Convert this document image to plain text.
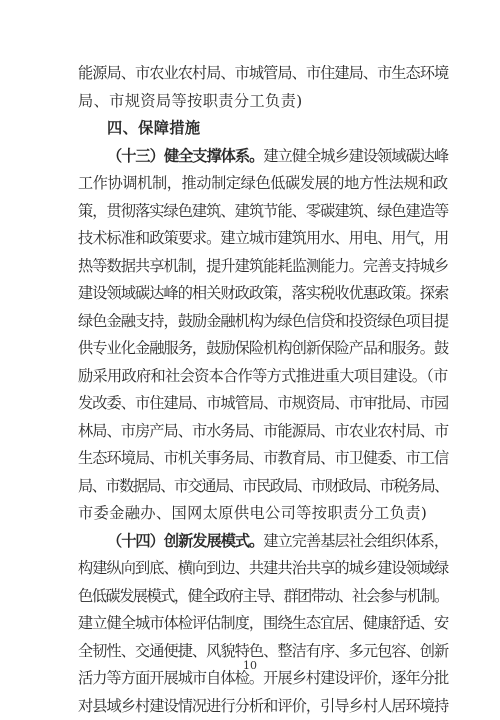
能源局、市农业农村局、市城管局、市住建局、市生态环境
局、市规资局等按职责分工负责)
四、保障措施
（十三）健全支撑体系。建立健全城乡建设领域碳达峰
工作协调机制，推动制定绿色低碳发展的地方性法规和政
策，贯彻落实绿色建筑、建筑节能、零碳建筑、绿色建造等
技术标准和政策要求。建立城市建筑用水、用电、用气，用
热等数据共享机制，提升建筑能耗监测能力。完善支持城乡
建设领域碳达峰的相关财政政策，落实税收优惠政策。探索
绿色金融支持，鼓励金融机构为绿色信贷和投资绿色项目提
供专业化金融服务，鼓励保险机构创新保险产品和服务。鼓
励采用政府和社会资本合作等方式推进重大项目建设。（市
发改委、市住建局、市城管局、市规资局、市审批局、市园
林局、市房产局、市水务局、市能源局、市农业农村局、市
生态环境局、市机关事务局、市教育局、市卫健委、市工信
局、市数据局、市交通局、市民政局、市财政局、市税务局、
市委金融办、国网太原供电公司等按职责分工负责)
（十四）创新发展模式。建立完善基层社会组织体系，
构建纵向到底、横向到边、共建共治共享的城乡建设领域绿
色低碳发展模式，健全政府主导、群团带动、社会参与机制。
建立健全城市体检评估制度，围绕生态宜居、健康舒适、安
全韧性、交通便捷、风貌特色、整洁有序、多元包容、创新
活力等方面开展城市自体检。开展乡村建设评价，逐年分批
对县域乡村建设情况进行分析和评价，引导乡村人居环境持
10
